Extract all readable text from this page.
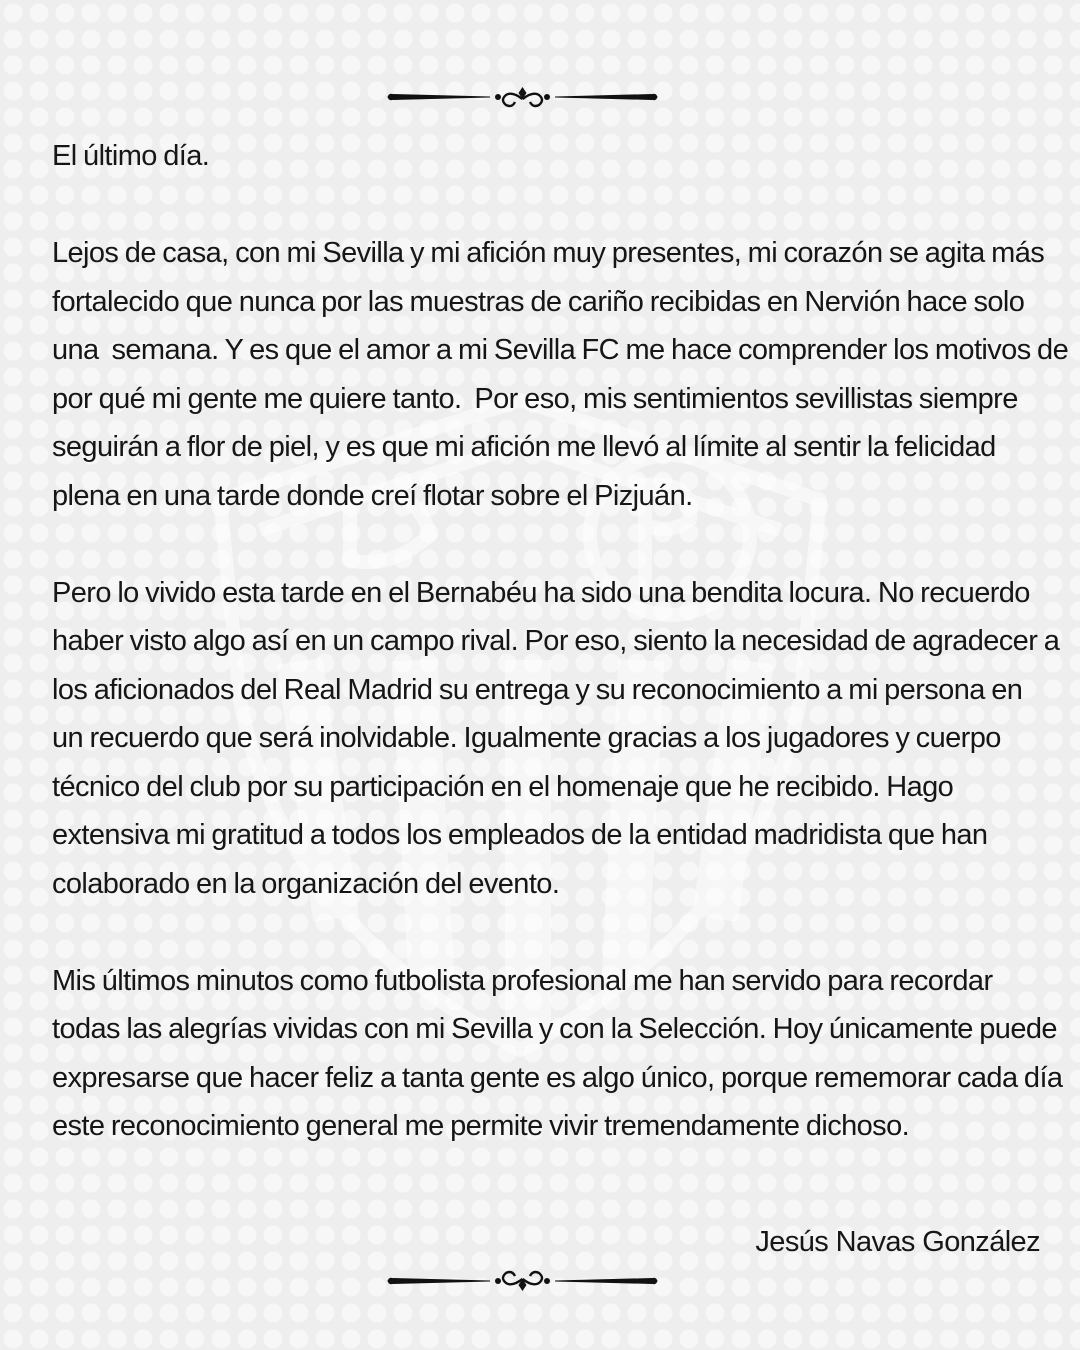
El último día.

Lejos de casa, con mi Sevilla y mi afición muy presentes, mi corazón se agita más

fortalecido que nunca por las muestras de cariño recibidas en Nervión hace solo

una  semana. Y es que el amor a mi Sevilla FC me hace comprender los motivos de

por qué mi gente me quiere tanto.  Por eso, mis sentimientos sevillistas siempre

seguirán a flor de piel, y es que mi afición me llevó al límite al sentir la felicidad

plena en una tarde donde creí flotar sobre el Pizjuán.

Pero lo vivido esta tarde en el Bernabéu ha sido una bendita locura. No recuerdo

haber visto algo así en un campo rival. Por eso, siento la necesidad de agradecer a

los aficionados del Real Madrid su entrega y su reconocimiento a mi persona en

un recuerdo que será inolvidable. Igualmente gracias a los jugadores y cuerpo

técnico del club por su participación en el homenaje que he recibido. Hago

extensiva mi gratitud a todos los empleados de la entidad madridista que han

colaborado en la organización del evento.

Mis últimos minutos como futbolista profesional me han servido para recordar

todas las alegrías vividas con mi Sevilla y con la Selección. Hoy únicamente puede

expresarse que hacer feliz a tanta gente es algo único, porque rememorar cada día

este reconocimiento general me permite vivir tremendamente dichoso.

Jesús Navas González
